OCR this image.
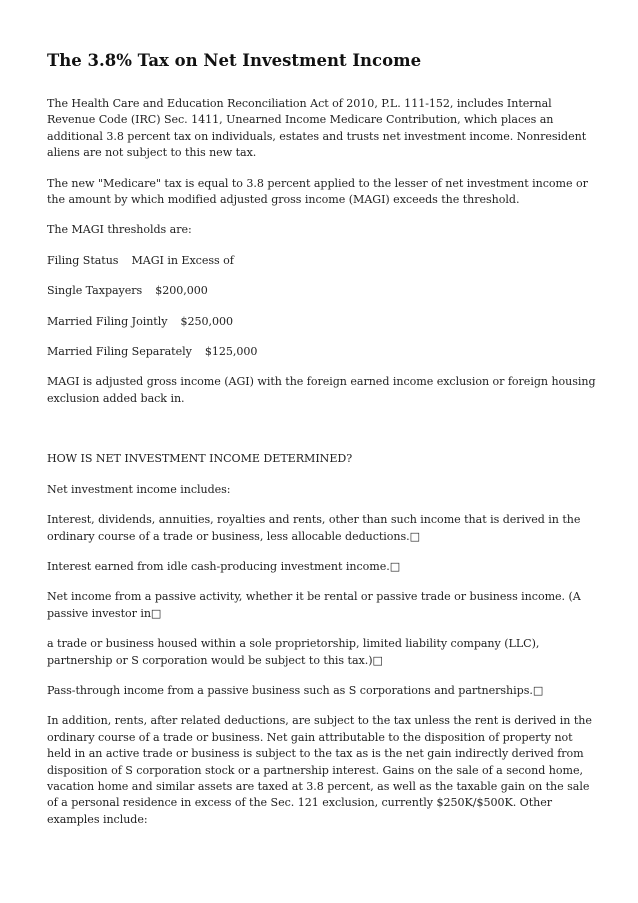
The 3.8% Tax on Net Investment Income

The Health Care and Education Reconciliation Act of 2010, P.L. 111-152, includes Internal Revenue Code (IRC) Sec. 1411, Unearned Income Medicare Contribution, which places an additional 3.8 percent tax on individuals, estates and trusts net investment income. Nonresident aliens are not subject to this new tax.

The new "Medicare" tax is equal to 3.8 percent applied to the lesser of net investment income or the amount by which modified adjusted gross income (MAGI) exceeds the threshold.

The MAGI thresholds are:

Filing Status MAGI in Excess of

Single Taxpayers $200,000

Married Filing Jointly $250,000

Married Filing Separately $125,000

MAGI is adjusted gross income (AGI) with the foreign earned income exclusion or foreign housing exclusion added back in.

HOW IS NET INVESTMENT INCOME DETERMINED?

Net investment income includes:

Interest, dividends, annuities, royalties and rents, other than such income that is derived in the ordinary course of a trade or business, less allocable deductions.□

Interest earned from idle cash-producing investment income.□

Net income from a passive activity, whether it be rental or passive trade or business income. (A passive investor in□

a trade or business housed within a sole proprietorship, limited liability company (LLC), partnership or S corporation would be subject to this tax.)□

Pass-through income from a passive business such as S corporations and partnerships.□

In addition, rents, after related deductions, are subject to the tax unless the rent is derived in the ordinary course of a trade or business. Net gain attributable to the disposition of property not held in an active trade or business is subject to the tax as is the net gain indirectly derived from disposition of S corporation stock or a partnership interest. Gains on the sale of a second home, vacation home and similar assets are taxed at 3.8 percent, as well as the taxable gain on the sale of a personal residence in excess of the Sec. 121 exclusion, currently $250K/$500K. Other examples include:
